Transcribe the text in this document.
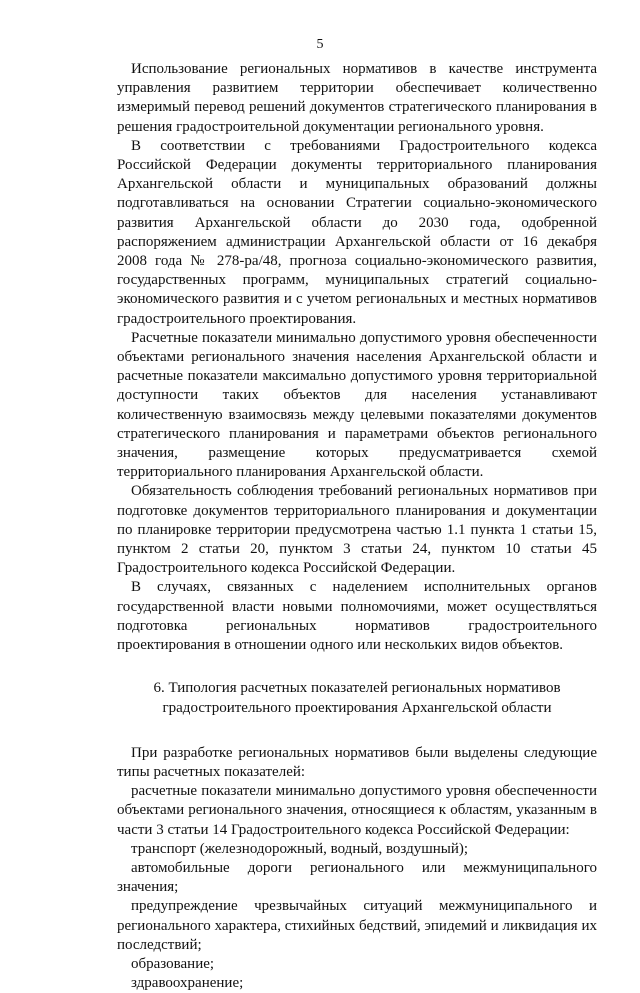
5

Использование региональных нормативов в качестве инструмента управления развитием территории обеспечивает количественно измеримый перевод решений документов стратегического планирования в решения градостроительной документации регионального уровня.

В соответствии с требованиями Градостроительного кодекса Российской Федерации документы территориального планирования Архангельской области и муниципальных образований должны подготавливаться на основании Стратегии социально-экономического развития Архангельской области до 2030 года, одобренной распоряжением администрации Архангельской области от 16 декабря 2008 года № 278-ра/48, прогноза социально-экономического развития, государственных программ, муниципальных стратегий социально-экономического развития и с учетом региональных и местных нормативов градостроительного проектирования.

Расчетные показатели минимально допустимого уровня обеспеченности объектами регионального значения населения Архангельской области и расчетные показатели максимально допустимого уровня территориальной доступности таких объектов для населения устанавливают количественную взаимосвязь между целевыми показателями документов стратегического планирования и параметрами объектов регионального значения, размещение которых предусматривается схемой территориального планирования Архангельской области.

Обязательность соблюдения требований региональных нормативов при подготовке документов территориального планирования и документации по планировке территории предусмотрена частью 1.1 пункта 1 статьи 15, пунктом 2 статьи 20, пунктом 3 статьи 24, пунктом 10 статьи 45 Градостроительного кодекса Российской Федерации.

В случаях, связанных с наделением исполнительных органов государственной власти новыми полномочиями, может осуществляться подготовка региональных нормативов градостроительного проектирования в отношении одного или нескольких видов объектов.

6. Типология расчетных показателей региональных нормативов
градостроительного проектирования Архангельской области

При разработке региональных нормативов были выделены следующие типы расчетных показателей:

расчетные показатели минимально допустимого уровня обеспеченности объектами регионального значения, относящиеся к областям, указанным в части 3 статьи 14 Градостроительного кодекса Российской Федерации:

транспорт (железнодорожный, водный, воздушный);

автомобильные дороги регионального или межмуниципального значения;

предупреждение чрезвычайных ситуаций межмуниципального и регионального характера, стихийных бедствий, эпидемий и ликвидация их последствий;

образование;

здравоохранение;
